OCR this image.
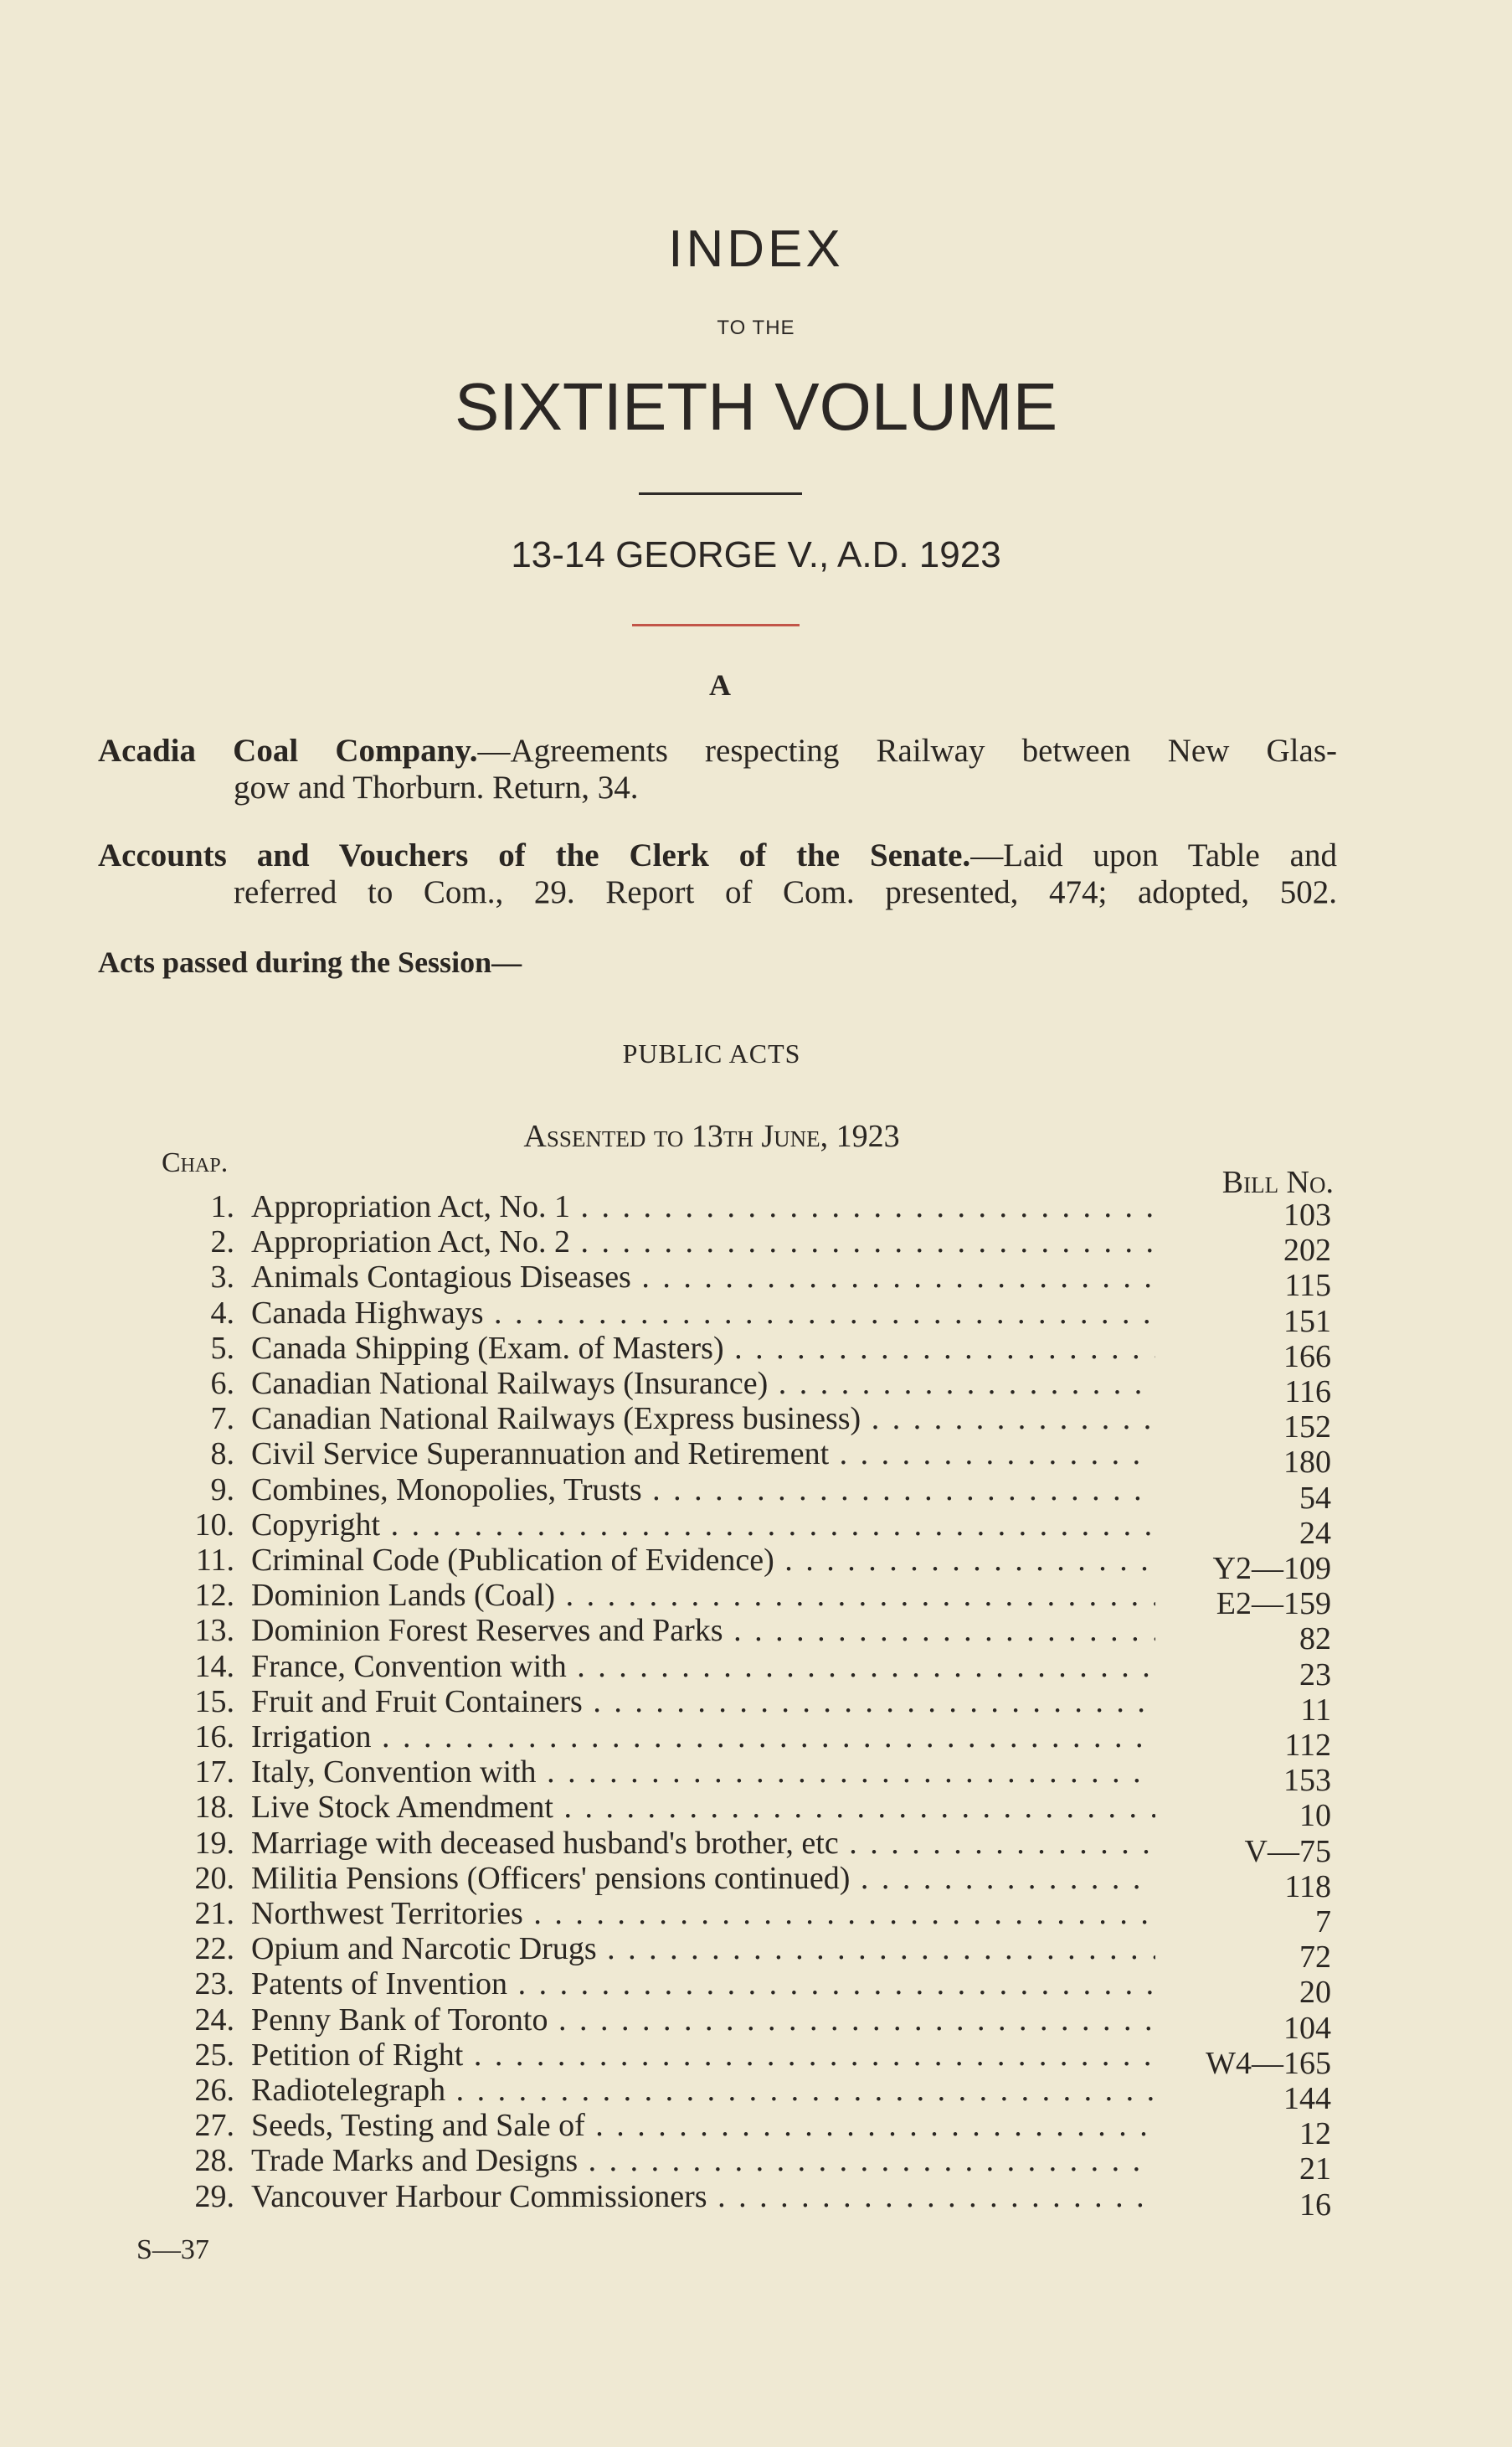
INDEX
TO THE
SIXTIETH VOLUME
13-14 GEORGE V., A.D. 1923
A
Acadia Coal Company.—Agreements respecting Railway between New Glas-
gow and Thorburn. Return, 34.
Accounts and Vouchers of the Clerk of the Senate.—Laid upon Table and
referred to Com., 29. Report of Com. presented, 474; adopted, 502.
Acts passed during the Session—
PUBLIC ACTS
Assented to 13th June, 1923
Chap.
Bill No.
1. Appropriation Act, No. 1 . . .	103
2. Appropriation Act, No. 2 . . .	202
3. Animals Contagious Diseases . . .	115
4. Canada Highways . . .	151
5. Canada Shipping (Exam. of Masters) . . .	166
6. Canadian National Railways (Insurance) . . .	116
7. Canadian National Railways (Express business) . . .	152
8. Civil Service Superannuation and Retirement . . .	180
9. Combines, Monopolies, Trusts . . .	54
10. Copyright . . .	24
11. Criminal Code (Publication of Evidence) . . .	Y2—109
12. Dominion Lands (Coal) . . .	E2—159
13. Dominion Forest Reserves and Parks . . .	82
14. France, Convention with . . .	23
15. Fruit and Fruit Containers . . .	11
16. Irrigation . . .	112
17. Italy, Convention with . . .	153
18. Live Stock Amendment . . .	10
19. Marriage with deceased husband's brother, etc . . .	V—75
20. Militia Pensions (Officers' pensions continued) . . .	118
21. Northwest Territories . . .	7
22. Opium and Narcotic Drugs . . .	72
23. Patents of Invention . . .	20
24. Penny Bank of Toronto . . .	104
25. Petition of Right . . .	W4—165
26. Radiotelegraph . . .	144
27. Seeds, Testing and Sale of . . .	12
28. Trade Marks and Designs . . .	21
29. Vancouver Harbour Commissioners . . .	16
S—37
